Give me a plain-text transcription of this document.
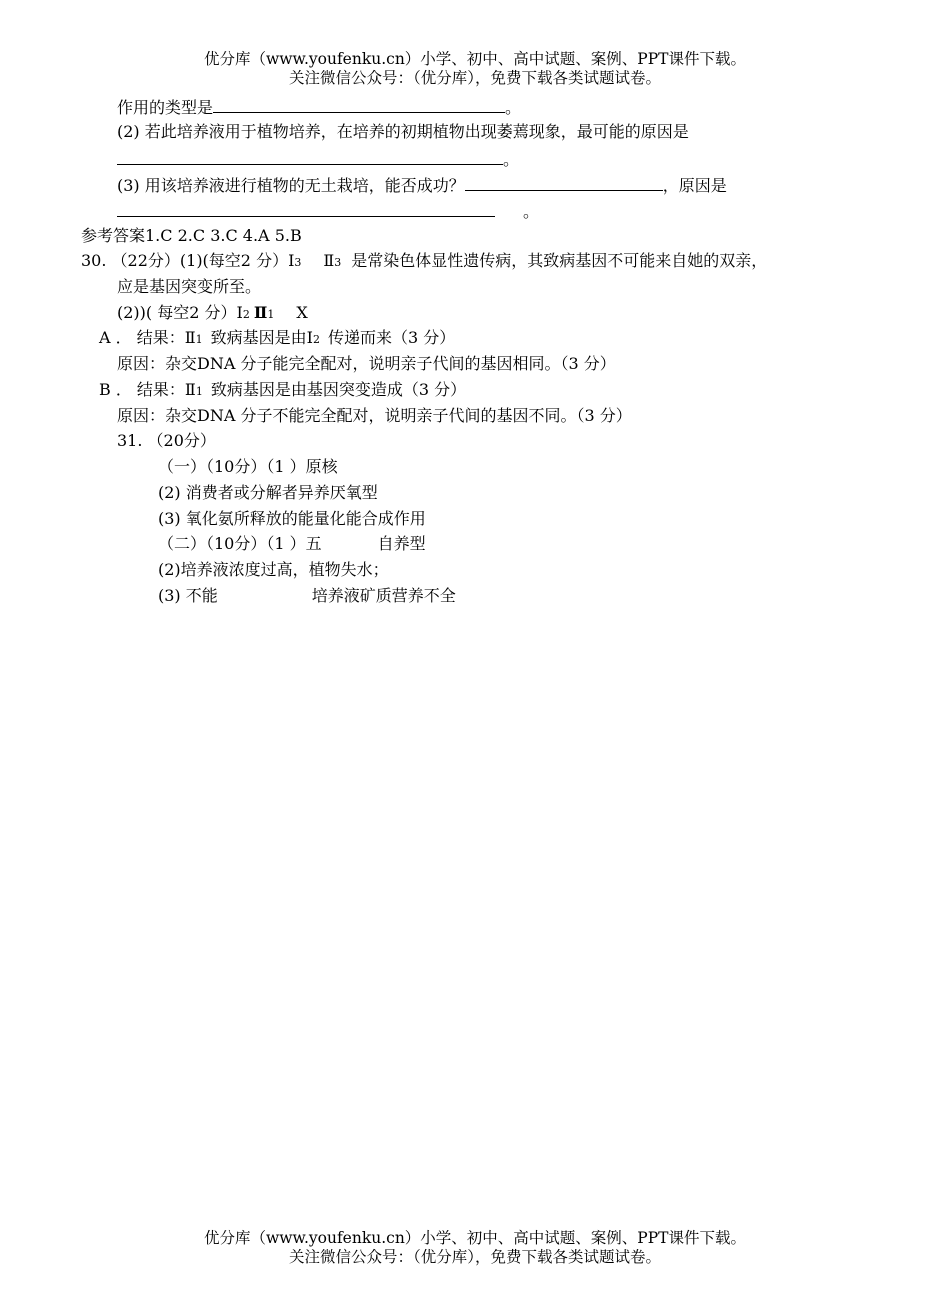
优分库（www.youfenku.cn）小学、初中、高中试题、案例、PPT课件下载。
关注微信公众号：（优分库），免费下载各类试题试卷。
作用的类型是	。
(2) 若此培养液用于植物培养，在培养的初期植物出现萎蔫现象，最可能的原因是
。
(3) 用该培养液进行植物的无土栽培，能否成功？	，原因是
。
参考答案1.C 2.C 3.C 4.A 5.B
30. （22分）(1)(每空2 分）Ⅰ3 Ⅱ3 是常染色体显性遗传病，其致病基因不可能来自她的双亲，
应是基因突变所至。
(2))( 每空2 分）Ⅰ2 Ⅱ1 X
A ． 结果：Ⅱ1 致病基因是由Ⅰ2 传递而来（3 分）
原因：杂交DNA 分子能完全配对，说明亲子代间的基因相同。（3 分）
B ． 结果：Ⅱ1 致病基因是由基因突变造成（3 分）
原因：杂交DNA 分子不能完全配对，说明亲子代间的基因不同。（3 分）
31. （20分）
（一）（10分）（1 ）原核
(2) 消费者或分解者异养厌氧型
(3) 氧化氨所释放的能量化能合成作用
（二）（10分）（1 ）五	自养型
(2)培养液浓度过高，植物失水；
(3) 不能	培养液矿质营养不全
优分库（www.youfenku.cn）小学、初中、高中试题、案例、PPT课件下载。
关注微信公众号：（优分库），免费下载各类试题试卷。
